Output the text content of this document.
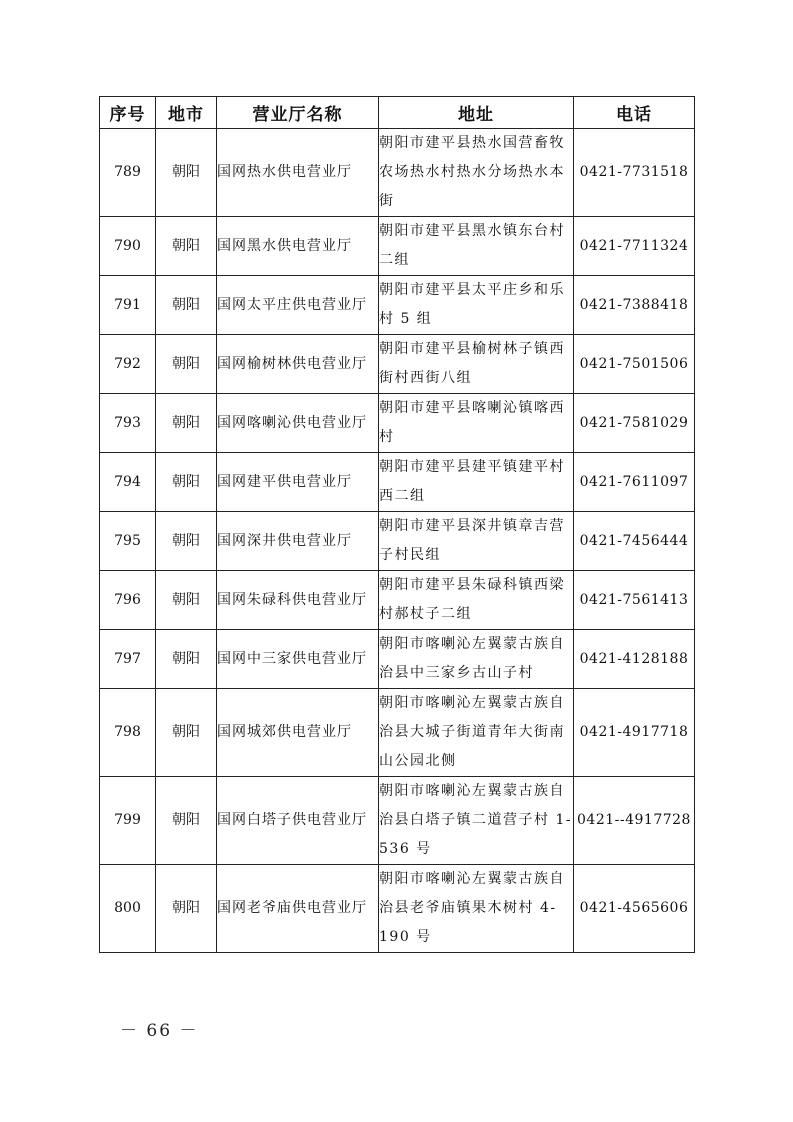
序号	地市	营业厅名称	地址	电话
789	朝阳	国网热水供电营业厅	朝阳市建平县热水国营畜牧农场热水村热水分场热水本街	0421-7731518
790	朝阳	国网黑水供电营业厅	朝阳市建平县黑水镇东台村二组	0421-7711324
791	朝阳	国网太平庄供电营业厅	朝阳市建平县太平庄乡和乐村 5 组	0421-7388418
792	朝阳	国网榆树林供电营业厅	朝阳市建平县榆树林子镇西街村西街八组	0421-7501506
793	朝阳	国网喀喇沁供电营业厅	朝阳市建平县喀喇沁镇喀西村	0421-7581029
794	朝阳	国网建平供电营业厅	朝阳市建平县建平镇建平村西二组	0421-7611097
795	朝阳	国网深井供电营业厅	朝阳市建平县深井镇章吉营子村民组	0421-7456444
796	朝阳	国网朱碌科供电营业厅	朝阳市建平县朱碌科镇西梁村郝杖子二组	0421-7561413
797	朝阳	国网中三家供电营业厅	朝阳市喀喇沁左翼蒙古族自治县中三家乡古山子村	0421-4128188
798	朝阳	国网城郊供电营业厅	朝阳市喀喇沁左翼蒙古族自治县大城子街道青年大街南山公园北侧	0421-4917718
799	朝阳	国网白塔子供电营业厅	朝阳市喀喇沁左翼蒙古族自治县白塔子镇二道营子村 1-536 号	0421--4917728
800	朝阳	国网老爷庙供电营业厅	朝阳市喀喇沁左翼蒙古族自治县老爷庙镇果木树村 4-190 号	0421-4565606
－ 66 －
